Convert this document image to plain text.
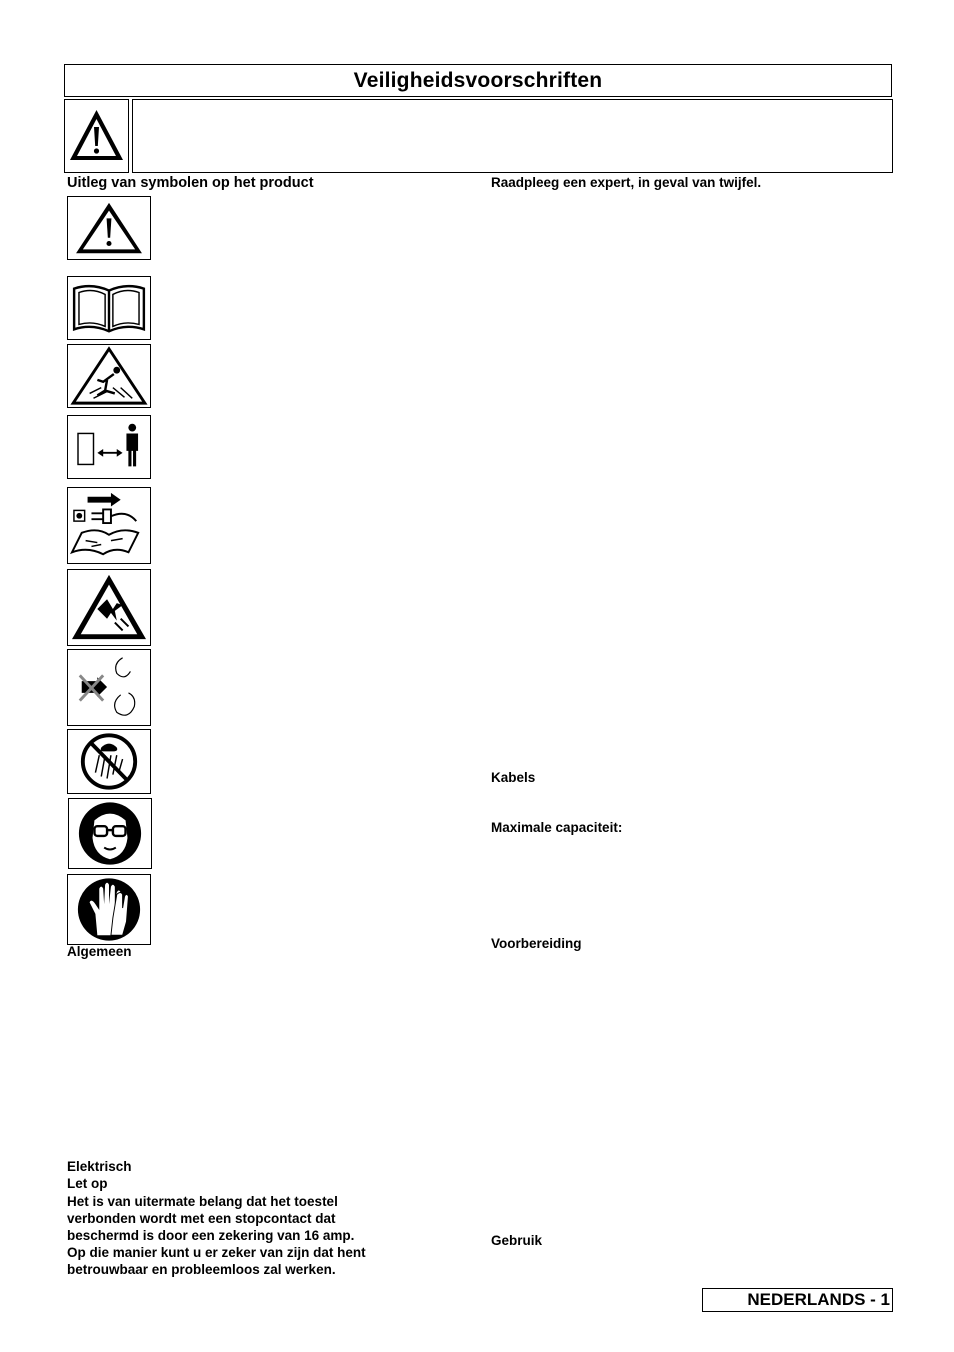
Veiligheidsvoorschriften
Uitleg van symbolen op het product
Algemeen
Elektrisch
Let op
Het is van uitermate belang dat het toestel
verbonden wordt met een stopcontact dat
beschermd is door een zekering van 16 amp.
Op die manier kunt u er zeker van zijn dat hent
betrouwbaar en probleemloos zal werken.
Raadpleeg een expert, in geval van twijfel.
Kabels
Maximale capaciteit:
Voorbereiding
Gebruik
NEDERLANDS - 1
